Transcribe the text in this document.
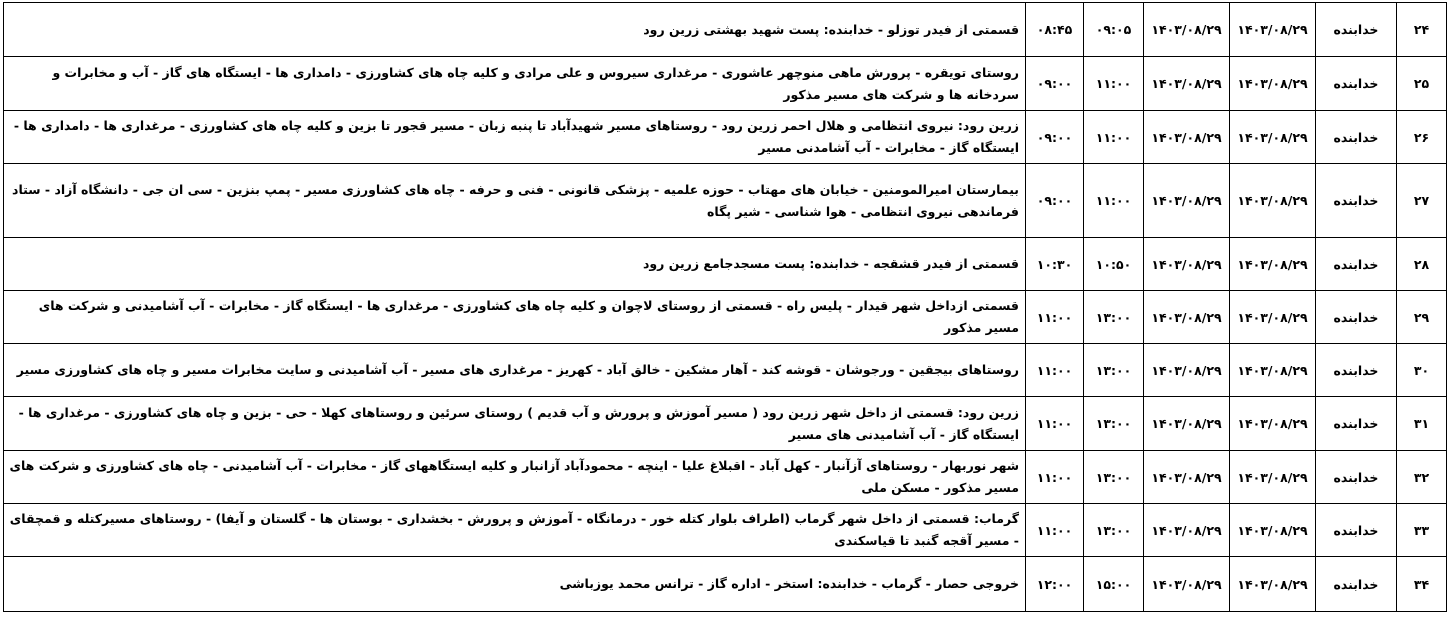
۲۴	خدابنده	۱۴۰۳/۰۸/۲۹	۱۴۰۳/۰۸/۲۹	۰۹:۰۵	۰۸:۴۵	قسمتی از فیدر توزلو - خدابنده: پست شهید بهشتی زرین رود
۲۵	خدابنده	۱۴۰۳/۰۸/۲۹	۱۴۰۳/۰۸/۲۹	۱۱:۰۰	۰۹:۰۰	روستای تویقره - پرورش ماهی منوچهر عاشوری - مرغداری سیروس و علی مرادی و کلیه چاه های کشاورزی - دامداری ها - ایستگاه های گاز - آب و مخابرات و سردخانه ها و شرکت های مسیر مذکور
۲۶	خدابنده	۱۴۰۳/۰۸/۲۹	۱۴۰۳/۰۸/۲۹	۱۱:۰۰	۰۹:۰۰	زرین رود: نیروی انتظامی و هلال احمر زرین رود - روستاهای مسیر شهیدآباد تا پنبه زبان - مسیر قجور تا بزین و کلیه چاه های کشاورزی - مرغداری ها - دامداری ها - ایستگاه گاز - مخابرات - آب آشامدنی مسیر
۲۷	خدابنده	۱۴۰۳/۰۸/۲۹	۱۴۰۳/۰۸/۲۹	۱۱:۰۰	۰۹:۰۰	بیمارستان امیرالمومنین - خیابان های مهتاب - حوزه علمیه - پزشکی قانونی - فنی و حرفه - چاه های کشاورزی مسیر - پمپ بنزین - سی ان جی - دانشگاه آزاد - ستاد فرماندهی نیروی انتظامی - هوا شناسی - شیر پگاه
۲۸	خدابنده	۱۴۰۳/۰۸/۲۹	۱۴۰۳/۰۸/۲۹	۱۰:۵۰	۱۰:۳۰	قسمتی از فیدر قشقجه - خدابنده: پست مسجدجامع زرین رود
۲۹	خدابنده	۱۴۰۳/۰۸/۲۹	۱۴۰۳/۰۸/۲۹	۱۳:۰۰	۱۱:۰۰	قسمتی ازداخل شهر قیدار - پلیس راه - قسمتی از روستای لاچوان و کلیه چاه های کشاورزی - مرغداری ها - ایستگاه گاز - مخابرات - آب آشامیدنی و شرکت های مسیر مذکور
۳۰	خدابنده	۱۴۰۳/۰۸/۲۹	۱۴۰۳/۰۸/۲۹	۱۳:۰۰	۱۱:۰۰	روستاهای بیجقین - ورجوشان - قوشه کند - آهار مشکین - خالق آباد - کهریز - مرغداری های مسیر - آب آشامیدنی و سایت مخابرات مسیر و چاه های کشاورزی مسیر
۳۱	خدابنده	۱۴۰۳/۰۸/۲۹	۱۴۰۳/۰۸/۲۹	۱۳:۰۰	۱۱:۰۰	زرین رود: قسمتی از داخل شهر زرین رود ( مسیر آموزش و پرورش و آب قدیم ) روستای سرئین و روستاهای کهلا - حی - بزین و چاه های کشاورزی - مرغداری ها - ایستگاه گاز - آب آشامیدنی های مسیر
۳۲	خدابنده	۱۴۰۳/۰۸/۲۹	۱۴۰۳/۰۸/۲۹	۱۳:۰۰	۱۱:۰۰	شهر نوربهار - روستاهای آزآنبار - کهل آباد - اقبلاغ علیا - اینچه - محمودآباد آزانبار و کلیه ایستگاههای گاز - مخابرات - آب آشامیدنی - چاه های کشاورزی و شرکت های مسیر مذکور - مسکن ملی
۳۳	خدابنده	۱۴۰۳/۰۸/۲۹	۱۴۰۳/۰۸/۲۹	۱۳:۰۰	۱۱:۰۰	گرماب: قسمتی از داخل شهر گرماب (اطراف بلوار کتله خور - درمانگاه - آموزش و پرورش - بخشداری - بوستان ها - گلستان و آیفا) - روستاهای مسیرکتله و قمچقای - مسیر آقجه گنبد تا قیاسکندی
۳۴	خدابنده	۱۴۰۳/۰۸/۲۹	۱۴۰۳/۰۸/۲۹	۱۵:۰۰	۱۲:۰۰	خروجی حصار - گرماب - خدابنده: استخر - اداره گاز - ترانس محمد یوزباشی
